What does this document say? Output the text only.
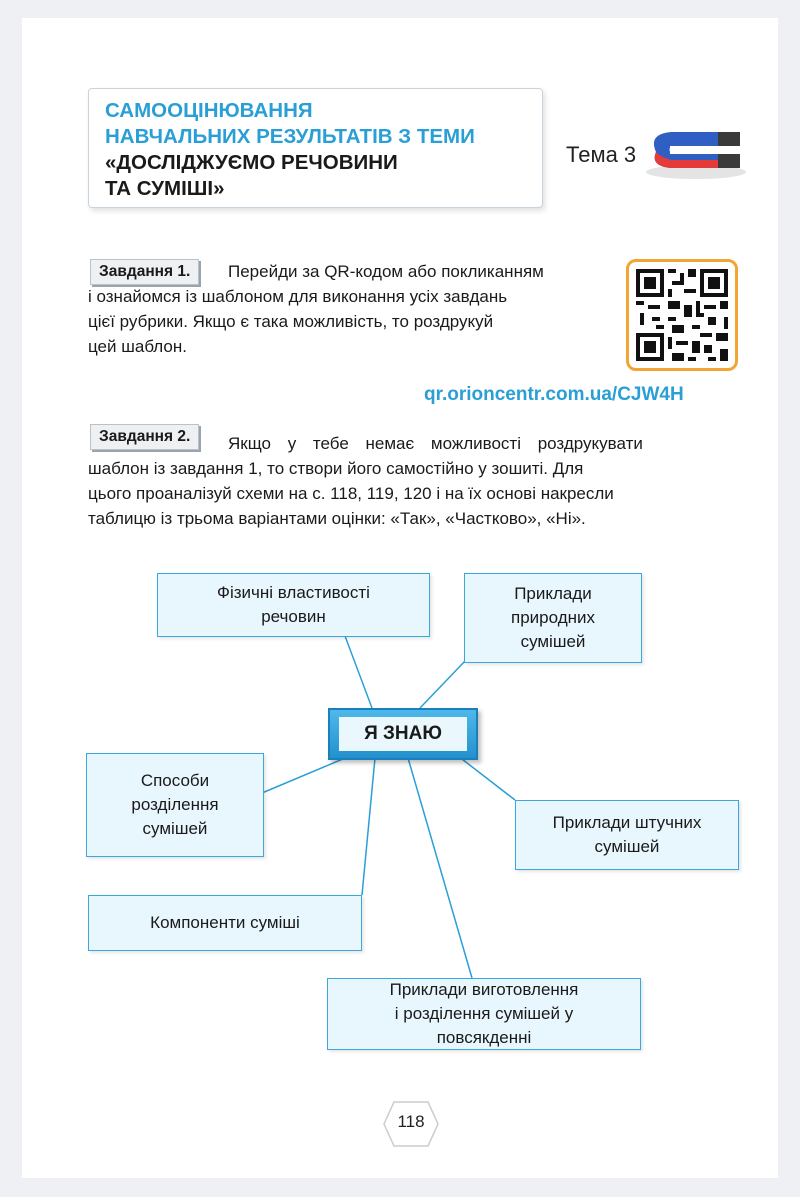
САМООЦІНЮВАННЯ
НАВЧАЛЬНИХ РЕЗУЛЬТАТІВ З ТЕМИ
«ДОСЛІДЖУЄМО РЕЧОВИНИ
ТА СУМІШІ»
Тема 3
Завдання 1.	Перейди за QR-кодом або покликанням
і ознайомся із шаблоном для виконання усіх завдань
цієї рубрики. Якщо є така можливість, то роздрукуй
цей шаблон.
qr.orioncentr.com.ua/CJW4H
Завдання 2.	Якщо у тебе немає можливості роздрукувати
шаблон із завдання 1, то створи його самостійно у зошиті. Для
цього проаналізуй схеми на с. 118, 119, 120 і на їх основі накресли
таблицю із трьома варіантами оцінки: «Так», «Частково», «Ні».
Фізичні властивості
речовин
Приклади
природних
сумішей
Я ЗНАЮ
Способи
розділення
сумішей	Приклади штучних
сумішей
Компоненти суміші
Приклади виготовлення
і розділення сумішей у
повсякденні
118
